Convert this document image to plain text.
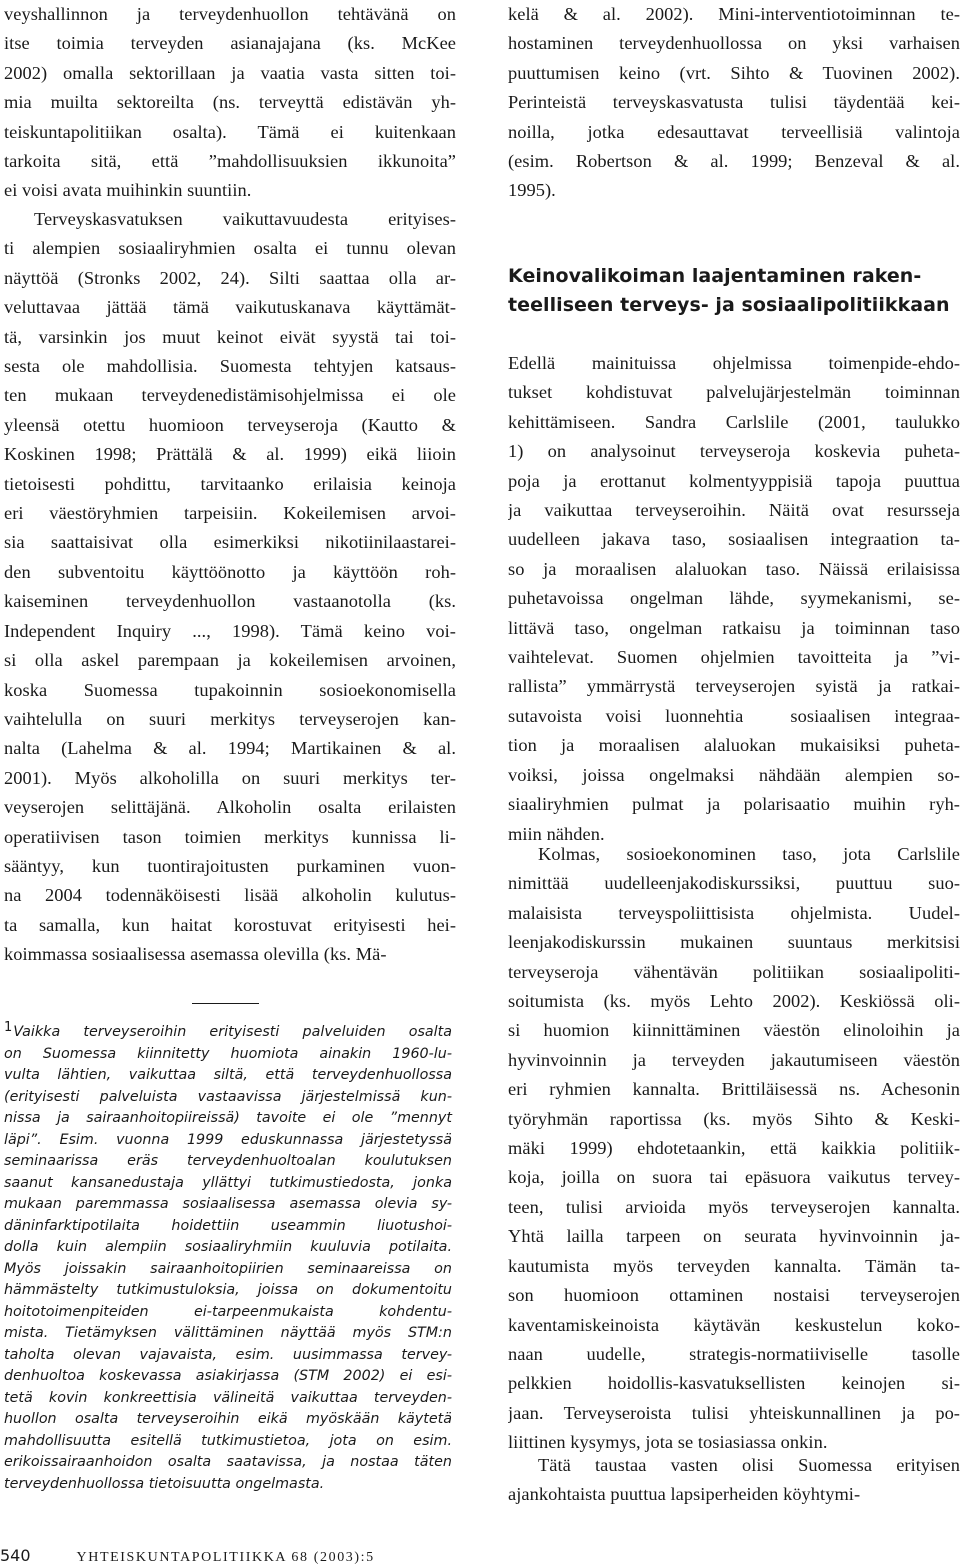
veyshallinnon ja terveydenhuollon tehtävänä on
itse toimia terveyden asianajajana (ks. McKee
2002) omalla sektorillaan ja vaatia vasta sitten toi-
mia muilta sektoreilta (ns. terveyttä edistävän yh-
teiskuntapolitiikan osalta). Tämä ei kuitenkaan
tarkoita sitä, että ”mahdollisuuksien ikkunoita”
ei voisi avata muihinkin suuntiin.
Terveyskasvatuksen vaikuttavuudesta erityises-
ti alempien sosiaaliryhmien osalta ei tunnu olevan
näyttöä (Stronks 2002, 24). Silti saattaa olla ar-
veluttavaa jättää tämä vaikutuskanava käyttämät-
tä, varsinkin jos muut keinot eivät syystä tai toi-
sesta ole mahdollisia. Suomesta tehtyjen katsaus-
ten mukaan terveydenedistämisohjelmissa ei ole
yleensä otettu huomioon terveyseroja (Kautto &
Koskinen 1998; Prättälä & al. 1999) eikä liioin
tietoisesti pohdittu, tarvitaanko erilaisia keinoja
eri väestöryhmien tarpeisiin. Kokeilemisen arvoi-
sia saattaisivat olla esimerkiksi nikotiinilaastarei-
den subventoitu käyttöönotto ja käyttöön roh-
kaiseminen terveydenhuollon vastaanotolla (ks.
Independent Inquiry ..., 1998). Tämä keino voi-
si olla askel parempaan ja kokeilemisen arvoinen,
koska Suomessa tupakoinnin sosioekonomisella
vaihtelulla on suuri merkitys terveyserojen kan-
nalta (Lahelma & al. 1994; Martikainen & al.
2001). Myös alkoholilla on suuri merkitys ter-
veyserojen selittäjänä. Alkoholin osalta erilaisten
operatiivisen tason toimien merkitys kunnissa li-
sääntyy, kun tuontirajoitusten purkaminen vuon-
na 2004 todennäköisesti lisää alkoholin kulutus-
ta samalla, kun haitat korostuvat erityisesti hei-
koimmassa sosiaalisessa asemassa olevilla (ks. Mä-
1Vaikka terveyseroihin erityisesti palveluiden osalta
on Suomessa kiinnitetty huomiota ainakin 1960-lu-
vulta lähtien, vaikuttaa siltä, että terveydenhuollossa
(erityisesti palveluista vastaavissa järjestelmissä kun-
nissa ja sairaanhoitopiireissä) tavoite ei ole ”mennyt
läpi”. Esim. vuonna 1999 eduskunnassa järjestetyssä
seminaarissa eräs terveydenhuoltoalan koulutuksen
saanut kansanedustaja yllättyi tutkimustiedosta, jonka
mukaan paremmassa sosiaalisessa asemassa olevia sy-
däninfarktipotilaita hoidettiin useammin liuotushoi-
dolla kuin alempiin sosiaaliryhmiin kuuluvia potilaita.
Myös joissakin sairaanhoitopiirien seminaareissa on
hämmästelty tutkimustuloksia, joissa on dokumentoitu
hoitotoimenpiteiden ei-tarpeenmukaista kohdentu-
mista. Tietämyksen välittäminen näyttää myös STM:n
taholta olevan vajavaista, esim. uusimmassa tervey-
denhuoltoa koskevassa asiakirjassa (STM 2002) ei esi-
tetä kovin konkreettisia välineitä vaikuttaa terveyden-
huollon osalta terveyseroihin eikä myöskään käytetä
mahdollisuutta esitellä tutkimustietoa, jota on esim.
erikoissairaanhoidon osalta saatavissa, ja nostaa täten
terveydenhuollossa tietoisuutta ongelmasta.
kelä & al. 2002). Mini-interventiotoiminnan te-
hostaminen terveydenhuollossa on yksi varhaisen
puuttumisen keino (vrt. Sihto & Tuovinen 2002).
Perinteistä terveyskasvatusta tulisi täydentää kei-
noilla, jotka edesauttavat terveellisiä valintoja
(esim. Robertson & al. 1999; Benzeval & al.
1995).
Keinovalikoiman laajentaminen raken-
teelliseen terveys- ja sosiaalipolitiikkaan
Edellä mainituissa ohjelmissa toimenpide-ehdo-
tukset kohdistuvat palvelujärjestelmän toiminnan
kehittämiseen. Sandra Carlslile (2001, taulukko
1) on analysoinut terveyseroja koskevia puheta-
poja ja erottanut kolmentyyppisiä tapoja puuttua
ja vaikuttaa terveyseroihin. Näitä ovat resursseja
uudelleen jakava taso, sosiaalisen integraation ta-
so ja moraalisen alaluokan taso. Näissä erilaisissa
puhetavoissa ongelman lähde, syymekanismi, se-
littävä taso, ongelman ratkaisu ja toiminnan taso
vaihtelevat. Suomen ohjelmien tavoitteita ja ”vi-
rallista” ymmärrystä terveyserojen syistä ja ratkai-
sutavoista voisi luonnehtia  sosiaalisen integraa-
tion ja moraalisen alaluokan mukaisiksi puheta-
voiksi, joissa ongelmaksi nähdään alempien so-
siaaliryhmien pulmat ja polarisaatio muihin ryh-
miin nähden.
Kolmas, sosioekonominen taso, jota Carlslile
nimittää uudelleenjakodiskurssiksi, puuttuu suo-
malaisista terveyspoliittisista ohjelmista. Uudel-
leenjakodiskurssin mukainen suuntaus merkitsisi
terveyseroja vähentävän politiikan sosiaalipoliti-
soitumista (ks. myös Lehto 2002). Keskiössä oli-
si huomion kiinnittäminen väestön elinoloihin ja
hyvinvoinnin ja terveyden jakautumiseen väestön
eri ryhmien kannalta. Brittiläisessä ns. Achesonin
työryhmän raportissa (ks. myös Sihto & Keski-
mäki 1999) ehdotetaankin, että kaikkia politiik-
koja, joilla on suora tai epäsuora vaikutus tervey-
teen, tulisi arvioida myös terveyserojen kannalta.
Yhtä lailla tarpeen on seurata hyvinvoinnin ja-
kautumista myös terveyden kannalta. Tämän ta-
son huomioon ottaminen nostaisi terveyserojen
kaventamiskeinoista käytävän keskustelun koko-
naan uudelle, strategis-normatiiviselle tasolle
pelkkien hoidollis-kasvatuksellisten keinojen si-
jaan. Terveyseroista tulisi yhteiskunnallinen ja po-
liittinen kysymys, jota se tosiasiassa onkin.
Tätä taustaa vasten olisi Suomessa erityisen
ajankohtaista puuttua lapsiperheiden köyhtymi-
540	YHTEISKUNTAPOLITIIKKA 68 (2003):5
